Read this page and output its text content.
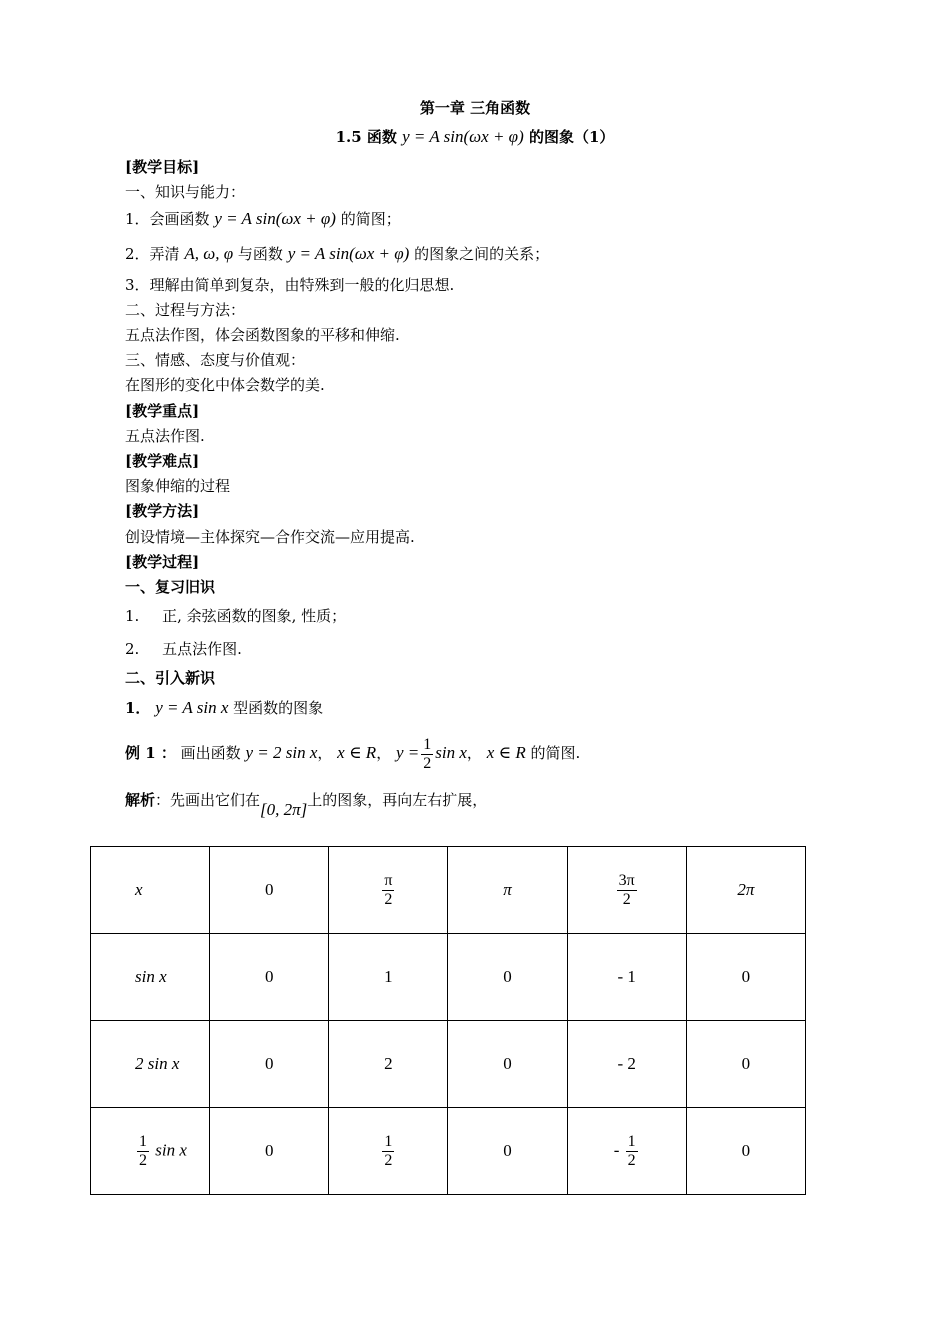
第一章 三角函数
1.5 函数 y = A sin(ωx + φ) 的图象（1）
[教学目标]
一、知识与能力：
1．会画函数 y = A sin(ωx + φ) 的简图；
2．弄清 A, ω, φ 与函数 y = A sin(ωx + φ) 的图象之间的关系；
3．理解由简单到复杂，由特殊到一般的化归思想.
二、过程与方法：
五点法作图，体会函数图象的平移和伸缩.
三、情感、态度与价值观：
在图形的变化中体会数学的美.
[教学重点]
五点法作图.
[教学难点]
图象伸缩的过程
[教学方法]
创设情境—主体探究—合作交流—应用提高.
[教学过程]
一、复习旧识
1. 正, 余弦函数的图象, 性质；
2. 五点法作图.
二、引入新识
1． y = A sin x 型函数的图象
例 1 ： 画出函数 y = 2 sin x， x ∈ R， $y = \frac{1}{2}$ sin x， x ∈ R 的简图.
解析：先画出它们在[0, 2π]上的图象，再向左右扩展，
x	0	$\frac{\pi}{2}$	π	$\frac{3\pi}{2}$	2π
sin x	0	1	0	- 1	0
2 sin x	0	2	0	- 2	0

$\frac{1}{2}$ sin x	0	$\frac{1}{2}$	0	- $\frac{1}{2}$	0
